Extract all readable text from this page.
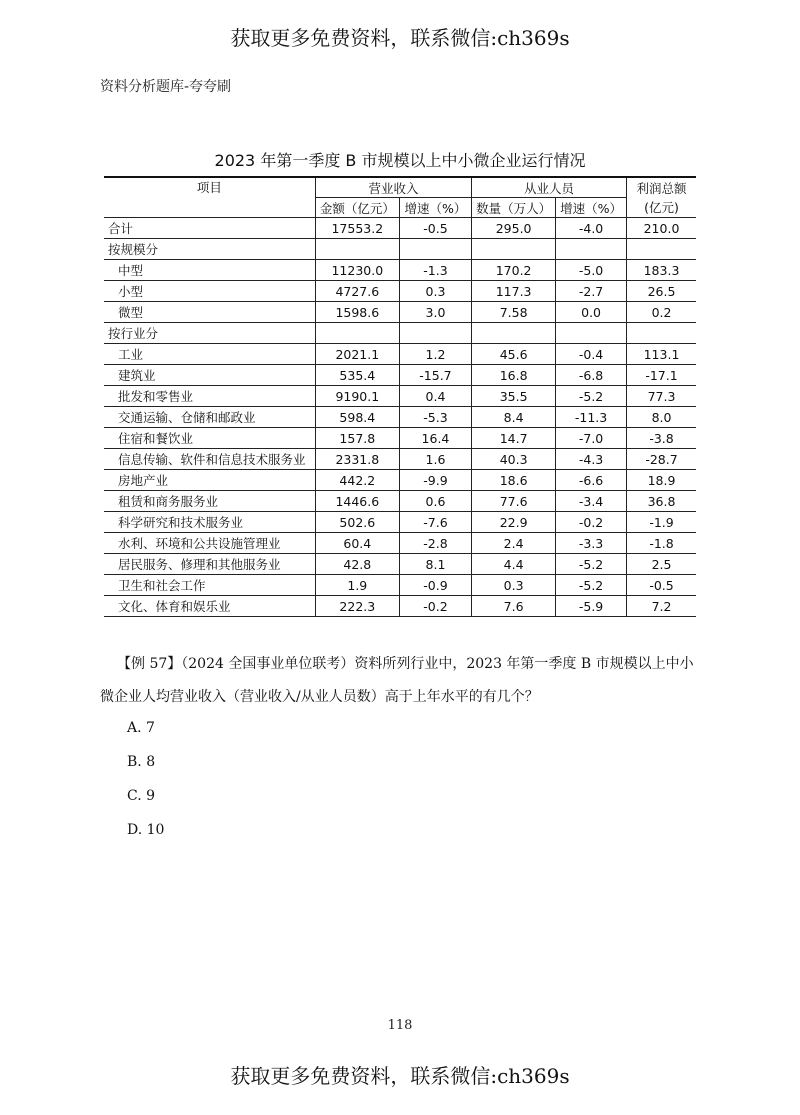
获取更多免费资料，联系微信:ch369s
资料分析题库-夸夸刷
2023 年第一季度 B 市规模以上中小微企业运行情况
项目	营业收入		从业人员		利润总额
	金额（亿元）	增速（%）	数量（万人）	增速（%）	(亿元)
合计	17553.2	-0.5	295.0	-4.0	210.0
按规模分					
中型	11230.0	-1.3	170.2	-5.0	183.3
小型	4727.6	0.3	117.3	-2.7	26.5
微型	1598.6	3.0	7.58	0.0	0.2
按行业分					
工业	2021.1	1.2	45.6	-0.4	113.1
建筑业	535.4	-15.7	16.8	-6.8	-17.1
批发和零售业	9190.1	0.4	35.5	-5.2	77.3
交通运输、仓储和邮政业	598.4	-5.3	8.4	-11.3	8.0
住宿和餐饮业	157.8	16.4	14.7	-7.0	-3.8
信息传输、软件和信息技术服务业	2331.8	1.6	40.3	-4.3	-28.7
房地产业	442.2	-9.9	18.6	-6.6	18.9
租赁和商务服务业	1446.6	0.6	77.6	-3.4	36.8
科学研究和技术服务业	502.6	-7.6	22.9	-0.2	-1.9
水利、环境和公共设施管理业	60.4	-2.8	2.4	-3.3	-1.8
居民服务、修理和其他服务业	42.8	8.1	4.4	-5.2	2.5
卫生和社会工作	1.9	-0.9	0.3	-5.2	-0.5
文化、体育和娱乐业	222.3	-0.2	7.6	-5.9	7.2

【例 57】（2024 全国事业单位联考）资料所列行业中，2023 年第一季度 B 市规模以上中小微企业人均营业收入（营业收入/从业人员数）高于上年水平的有几个？

A. 7
B. 8
C. 9
D. 10
118
获取更多免费资料，联系微信:ch369s
